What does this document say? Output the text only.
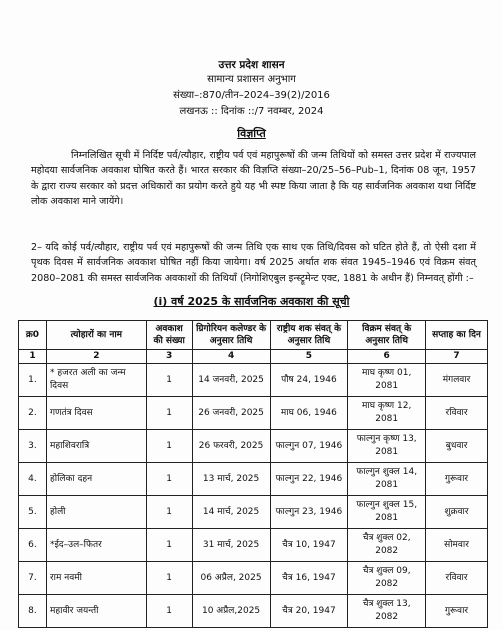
उत्तर प्रदेश शासन
सामान्य प्रशासन अनुभाग
संख्या–:870/तीन–2024–39(2)/2016
लखनऊ :: दिनांक ::/7 नवम्बर, 2024
विज्ञप्ति
निम्नलिखित सूची में निर्दिष्ट पर्व/त्यौहार, राष्ट्रीय पर्व एवं महापुरूषों की जन्म तिथियों को समस्त उत्तर प्रदेश में राज्यपाल महोदया सार्वजनिक अवकाश घोषित करते हैं। भारत सरकार की विज्ञप्ति संख्या–20/25–56–Pub–1, दिनांक 08 जून, 1957 के द्वारा राज्य सरकार को प्रदत्त अधिकारों का प्रयोग करते हुये यह भी स्पष्ट किया जाता है कि यह सार्वजनिक अवकाश यथा निर्दिष्ट लोक अवकाश माने जायेंगे।
2– यदि कोई पर्व/त्यौहार, राष्ट्रीय पर्व एवं महापुरूषों की जन्म तिथि एक साथ एक तिथि/दिवस को घटित होते हैं, तो ऐसी दशा में पृथक दिवस में सार्वजनिक अवकाश घोषित नहीं किया जायेगा। वर्ष 2025 अर्थात शक संवत 1945–1946 एवं विक्रम संवत् 2080–2081 की समस्त सार्वजनिक अवकाशों की तिथियाँ (निगोशिएबुल इन्स्ट्रूमेन्ट एक्ट, 1881 के अधीन हैं) निम्नवत् होंगी :–
(i) वर्ष 2025 के सार्वजनिक अवकाश की सूची
क्र0	त्योहारों का नाम	अवकाश की संख्या	ग्रिगोरियन कलेण्डर के अनुसार तिथि	राष्ट्रीय शक संवत् के अनुसार तिथि	विक्रम संवत् के अनुसार तिथि	सप्ताह का दिन
1	2	3	4	5	6	7
1.	* हजरत अली का जन्म दिवस	1	14 जनवरी, 2025	पौष 24, 1946	माघ कृष्ण 01, 2081	मंगलवार
2.	गणतंत्र दिवस	1	26 जनवरी, 2025	माघ 06, 1946	माघ कृष्ण 12, 2081	रविवार
3.	महाशिवरात्रि	1	26 फरवरी, 2025	फाल्गुन 07, 1946	फाल्गुन कृष्ण 13, 2081	बुधवार
4.	होलिका दहन	1	13 मार्च, 2025	फाल्गुन 22, 1946	फाल्गुन शुक्ल 14, 2081	गुरूवार
5.	होली	1	14 मार्च, 2025	फाल्गुन 23, 1946	फाल्गुन शुक्ल 15, 2081	शुक्रवार
6.	*ईद–उल–फितर	1	31 मार्च, 2025	चैत्र 10, 1947	चैत्र शुक्ल 02, 2082	सोमवार
7.	राम नवमी	1	06 अप्रैल, 2025	चैत्र 16, 1947	चैत्र शुक्ल 09, 2082	रविवार
8.	महावीर जयन्ती	1	10 अप्रैल,2025	चैत्र 20, 1947	चैत्र शुक्ल 13, 2082	गुरूवार
